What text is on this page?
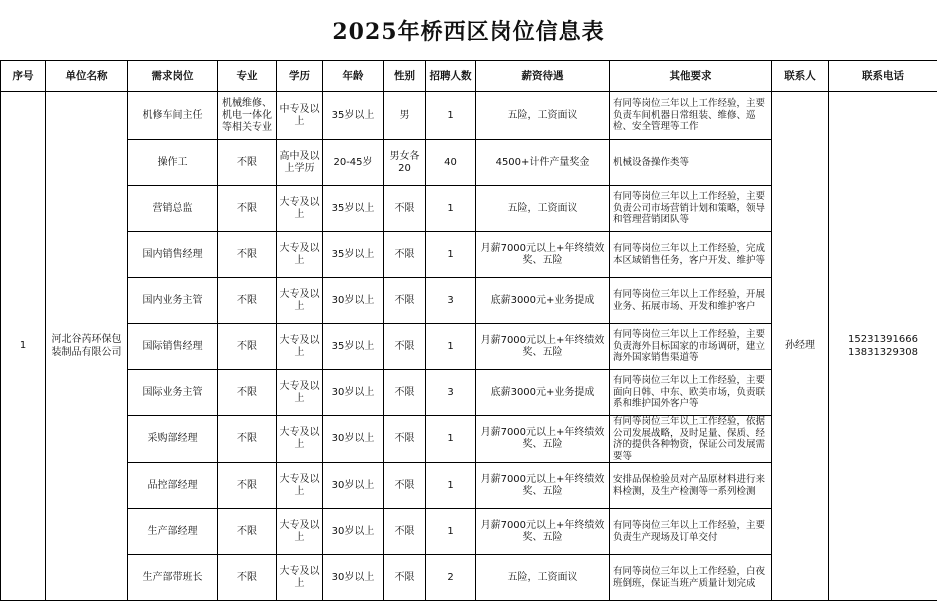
2025年桥西区岗位信息表
序号	单位名称	需求岗位	专业	学历	年龄	性别	招聘人数	薪资待遇	其他要求	联系人	联系电话
1	河北谷芮环保包装制品有限公司	机修车间主任	机械维修、机电一体化等相关专业	中专及以上	35岁以上	男	1	五险，工资面议	有同等岗位三年以上工作经验，主要负责车间机器日常组装、维修、巡检、安全管理等工作	孙经理	15231391666
13831329308

		操作工	不限	高中及以上学历	20-45岁	男女各20	40	4500+计件产量奖金	机械设备操作类等		
		营销总监	不限	大专及以上	35岁以上	不限	1	五险，工资面议	有同等岗位三年以上工作经验，主要负责公司市场营销计划和策略，领导和管理营销团队等		
		国内销售经理	不限	大专及以上	35岁以上	不限	1	月薪7000元以上+年终绩效奖、五险	有同等岗位三年以上工作经验，完成本区域销售任务，客户开发、维护等		
		国内业务主管	不限	大专及以上	30岁以上	不限	3	底薪3000元+业务提成	有同等岗位三年以上工作经验，开展业务、拓展市场、开发和维护客户		
		国际销售经理	不限	大专及以上	35岁以上	不限	1	月薪7000元以上+年终绩效奖、五险	有同等岗位三年以上工作经验，主要负责海外目标国家的市场调研，建立海外国家销售渠道等		
		国际业务主管	不限	大专及以上	30岁以上	不限	3	底薪3000元+业务提成	有同等岗位三年以上工作经验，主要面向日韩、中东、欧美市场，负责联系和维护国外客户等		
		采购部经理	不限	大专及以上	30岁以上	不限	1	月薪7000元以上+年终绩效奖、五险	有同等岗位三年以上工作经验，依据公司发展战略，及时足量、保质、经济的提供各种物资，保证公司发展需要等		
		品控部经理	不限	大专及以上	30岁以上	不限	1	月薪7000元以上+年终绩效奖、五险	安排品保检验员对产品原材料进行来料检测，及生产检测等一系列检测		
		生产部经理	不限	大专及以上	30岁以上	不限	1	月薪7000元以上+年终绩效奖、五险	有同等岗位三年以上工作经验，主要负责生产现场及订单交付		
		生产部带班长	不限	大专及以上	30岁以上	不限	2	五险，工资面议	有同等岗位三年以上工作经验，白夜班倒班，保证当班产质量计划完成		
